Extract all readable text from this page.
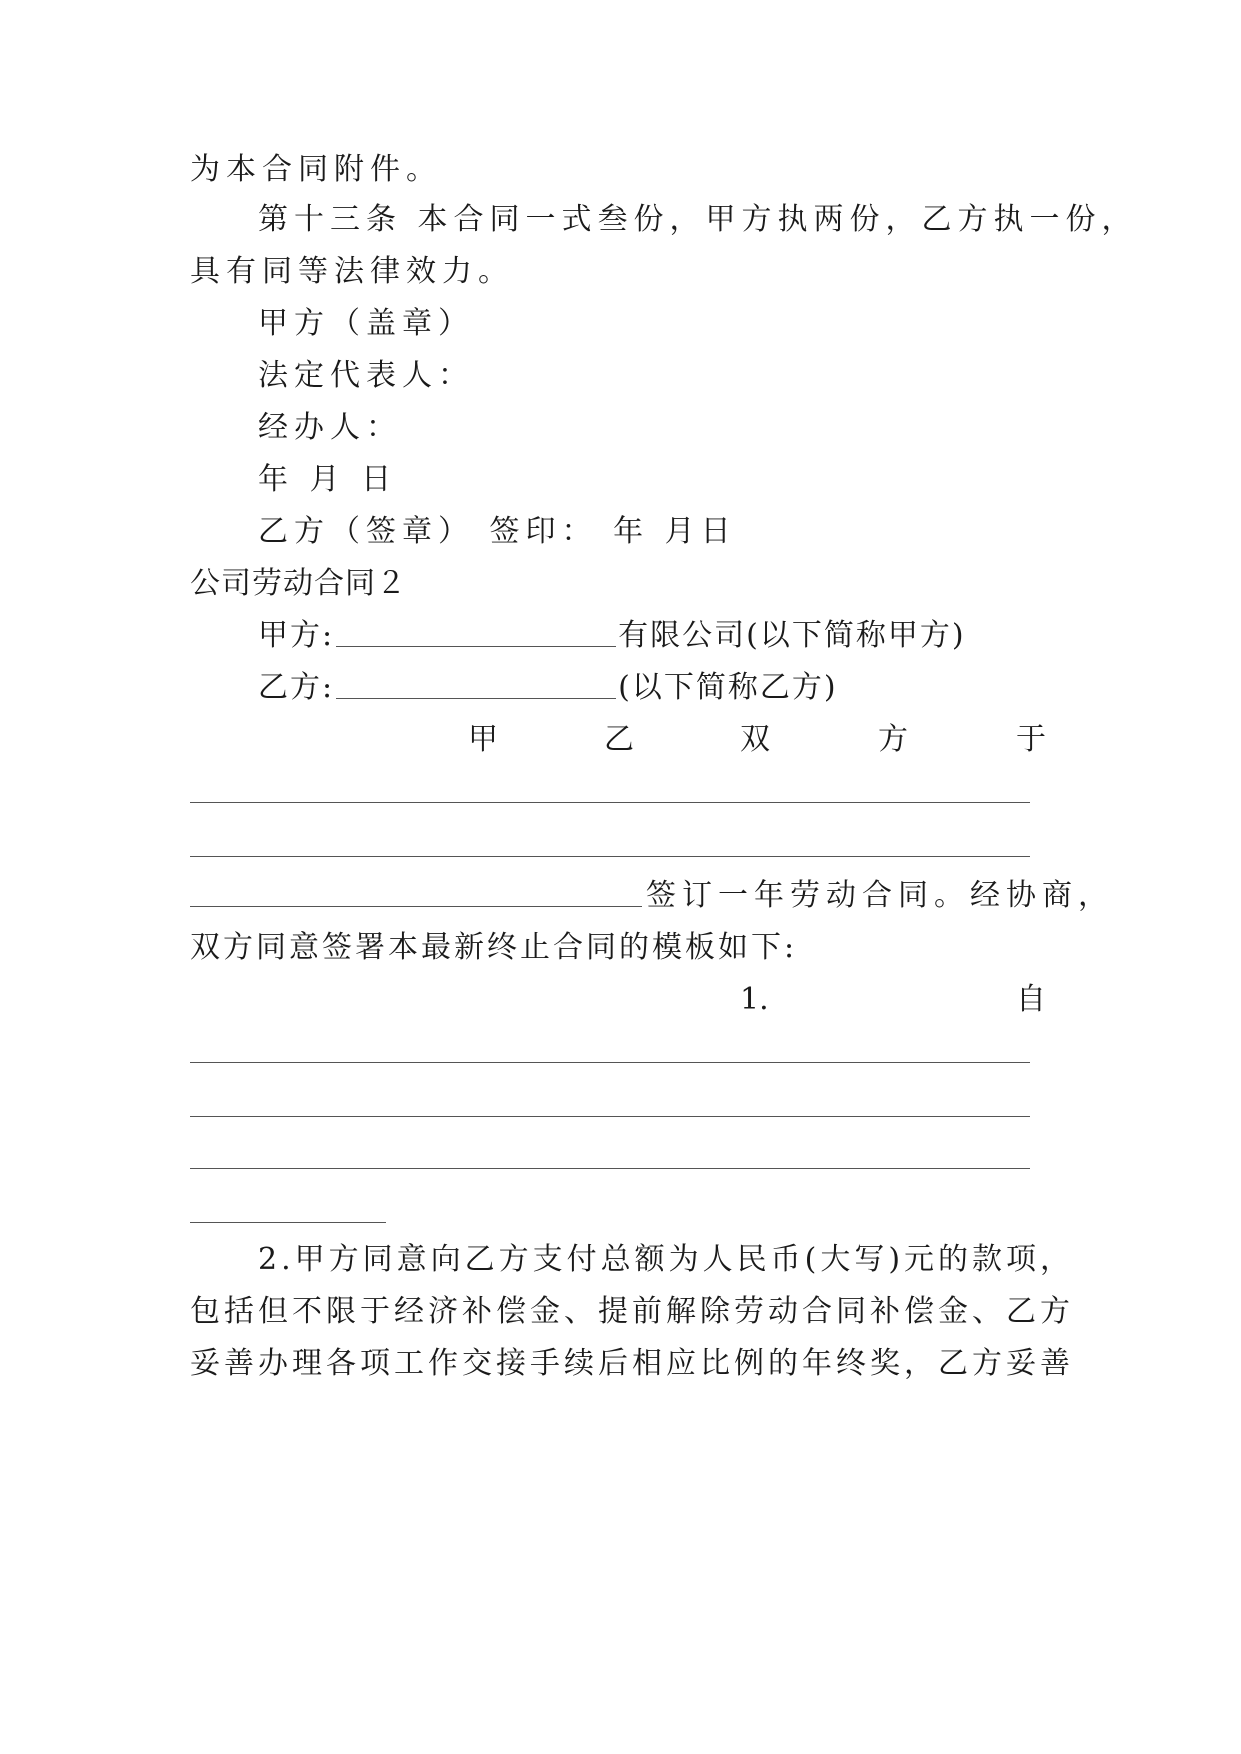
为本合同附件。
第十三条 本合同一式叁份，甲方执两份，乙方执一份，
具有同等法律效力。
甲方（盖章）
法定代表人：
经办人：
年 月 日
乙方（签章） 签印： 年 月日
公司劳动合同２
甲方:	有限公司(以下简称甲方)
乙方:	(以下简称乙方)
甲	乙	双	方	于
签订一年劳动合同。经协商，
双方同意签署本最新终止合同的模板如下:
1.	自
2.甲方同意向乙方支付总额为人民币(大写)元的款项，
包括但不限于经济补偿金、提前解除劳动合同补偿金、乙方
妥善办理各项工作交接手续后相应比例的年终奖，乙方妥善
